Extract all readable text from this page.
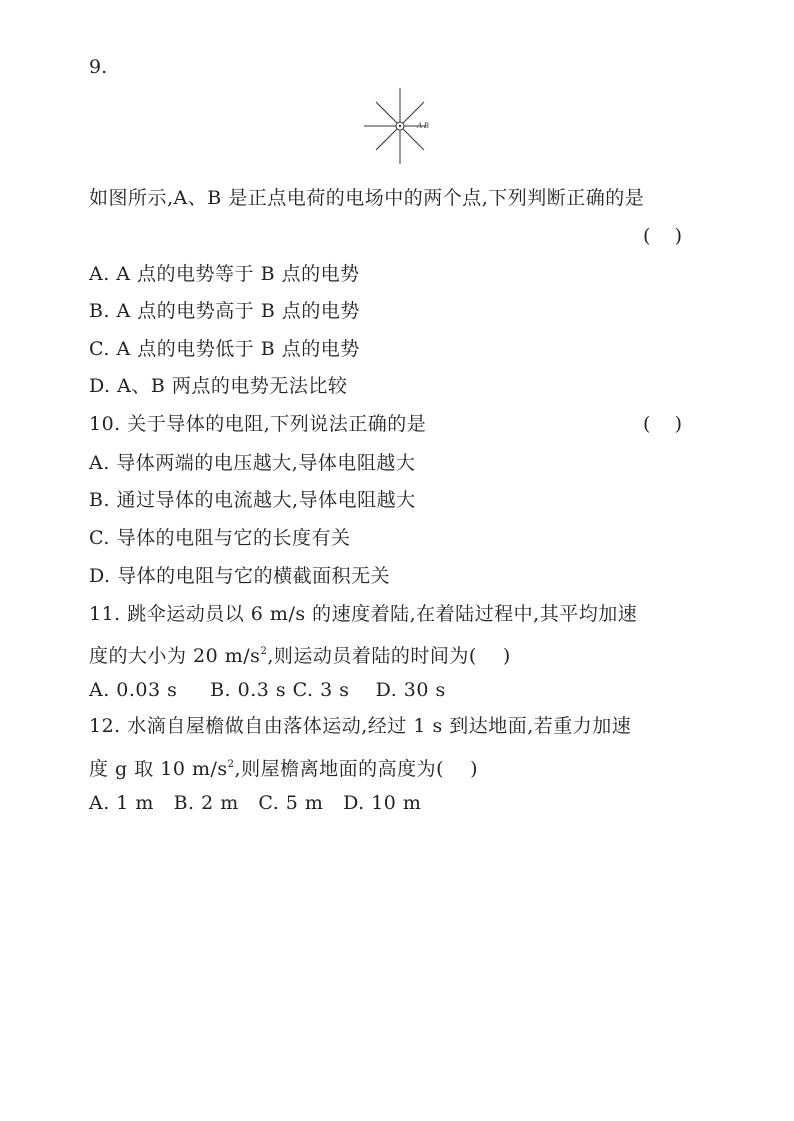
9.
A B
如图所示,A、B 是正点电荷的电场中的两个点,下列判断正确的是
(    )
A. A 点的电势等于 B 点的电势
B. A 点的电势高于 B 点的电势
C. A 点的电势低于 B 点的电势
D. A、B 两点的电势无法比较
10. 关于导体的电阻,下列说法正确的是	(    )
A. 导体两端的电压越大,导体电阻越大
B. 通过导体的电流越大,导体电阻越大
C. 导体的电阻与它的长度有关
D. 导体的电阻与它的横截面积无关
11. 跳伞运动员以 6 m/s 的速度着陆,在着陆过程中,其平均加速
度的大小为 20 $m/s^2$,则运动员着陆的时间为(    )
A. 0.03 s     B. 0.3 s C. 3 s    D. 30 s
12. 水滴自屋檐做自由落体运动,经过 1 s 到达地面,若重力加速
度 g 取 10 $m/s^2$,则屋檐离地面的高度为(    )
A. 1 m   B. 2 m   C. 5 m   D. 10 m
